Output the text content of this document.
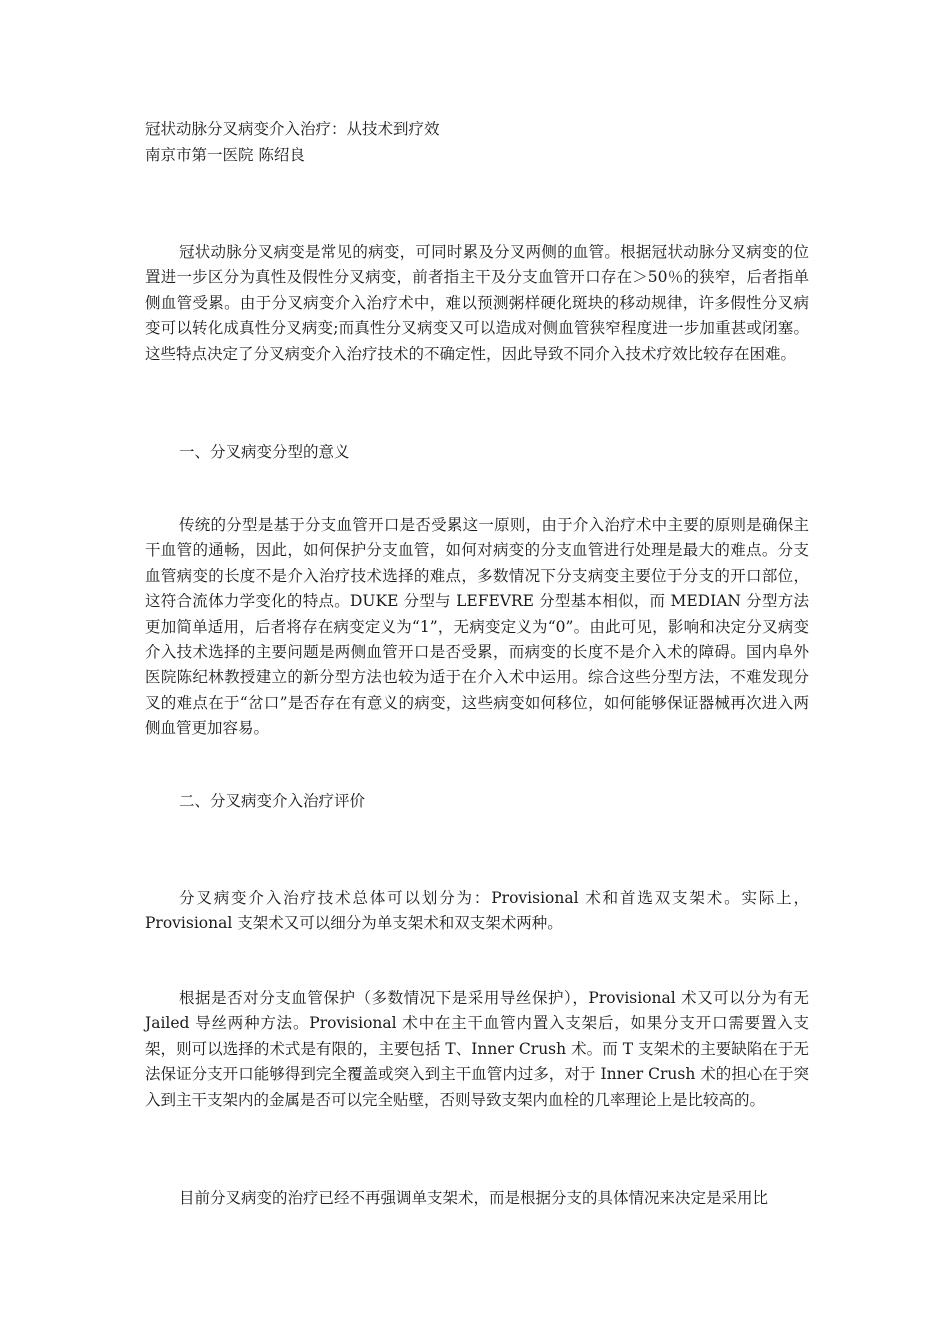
冠状动脉分叉病变介入治疗：从技术到疗效
南京市第一医院 陈绍良

冠状动脉分叉病变是常见的病变，可同时累及分叉两侧的血管。根据冠状动脉分叉病变的位置进一步区分为真性及假性分叉病变，前者指主干及分支血管开口存在＞50％的狭窄，后者指单侧血管受累。由于分叉病变介入治疗术中，难以预测粥样硬化斑块的移动规律，许多假性分叉病变可以转化成真性分叉病变;而真性分叉病变又可以造成对侧血管狭窄程度进一步加重甚或闭塞。这些特点决定了分叉病变介入治疗技术的不确定性，因此导致不同介入技术疗效比较存在困难。

一、分叉病变分型的意义

传统的分型是基于分支血管开口是否受累这一原则，由于介入治疗术中主要的原则是确保主干血管的通畅，因此，如何保护分支血管，如何对病变的分支血管进行处理是最大的难点。分支血管病变的长度不是介入治疗技术选择的难点，多数情况下分支病变主要位于分支的开口部位，这符合流体力学变化的特点。DUKE 分型与 LEFEVRE 分型基本相似，而 MEDIAN 分型方法更加简单适用，后者将存在病变定义为“1”，无病变定义为“0”。由此可见，影响和决定分叉病变介入技术选择的主要问题是两侧血管开口是否受累，而病变的长度不是介入术的障碍。国内阜外医院陈纪林教授建立的新分型方法也较为适于在介入术中运用。综合这些分型方法，不难发现分叉的难点在于“岔口”是否存在有意义的病变，这些病变如何移位，如何能够保证器械再次进入两侧血管更加容易。

二、分叉病变介入治疗评价

分叉病变介入治疗技术总体可以划分为：Provisional 术和首选双支架术。实际上，Provisional 支架术又可以细分为单支架术和双支架术两种。

根据是否对分支血管保护（多数情况下是采用导丝保护），Provisional 术又可以分为有无 Jailed 导丝两种方法。Provisional 术中在主干血管内置入支架后，如果分支开口需要置入支架，则可以选择的术式是有限的，主要包括 T、Inner Crush 术。而 T 支架术的主要缺陷在于无法保证分支开口能够得到完全覆盖或突入到主干血管内过多，对于 Inner Crush 术的担心在于突入到主干支架内的金属是否可以完全贴壁，否则导致支架内血栓的几率理论上是比较高的。

目前分叉病变的治疗已经不再强调单支架术，而是根据分支的具体情况来决定是采用比
